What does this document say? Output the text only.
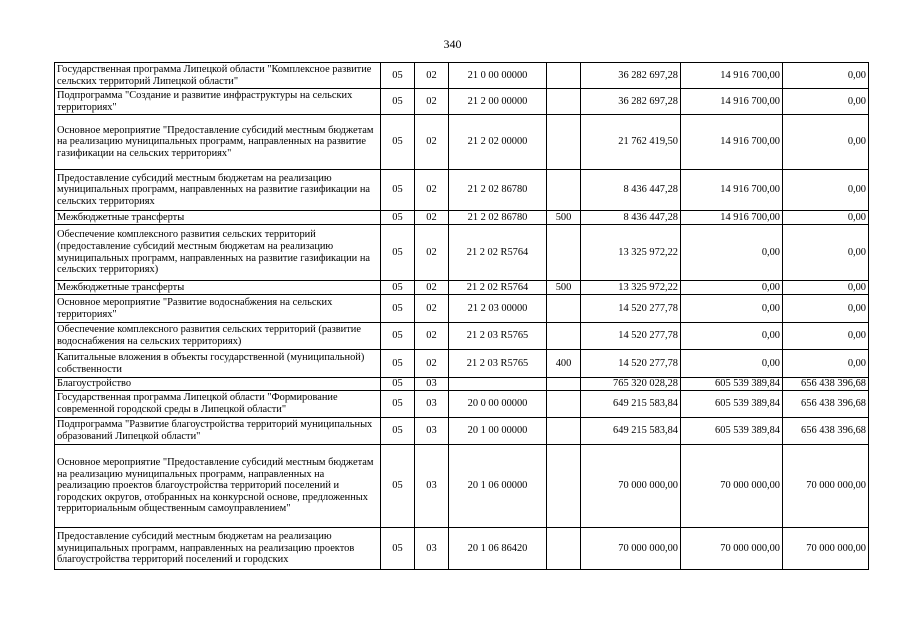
340
Государственная программа Липецкой области "Комплексное развитие сельских территорий Липецкой области"	05	02	21 0 00 00000		36 282 697,28	14 916 700,00	0,00
Подпрограмма "Создание и развитие инфраструктуры на сельских территориях"	05	02	21 2 00 00000		36 282 697,28	14 916 700,00	0,00
Основное мероприятие "Предоставление субсидий местным бюджетам на реализацию муниципальных программ, направленных на развитие газификации на сельских территориях"	05	02	21 2 02 00000		21 762 419,50	14 916 700,00	0,00
Предоставление субсидий местным бюджетам на реализацию муниципальных программ, направленных на развитие газификации на сельских территориях	05	02	21 2 02 86780		8 436 447,28	14 916 700,00	0,00
Межбюджетные трансферты	05	02	21 2 02 86780	500	8 436 447,28	14 916 700,00	0,00
Обеспечение комплексного развития сельских территорий (предоставление субсидий местным бюджетам на реализацию муниципальных программ, направленных на развитие газификации на сельских территориях)	05	02	21 2 02 R5764		13 325 972,22	0,00	0,00
Межбюджетные трансферты	05	02	21 2 02 R5764	500	13 325 972,22	0,00	0,00
Основное мероприятие "Развитие водоснабжения на сельских территориях"	05	02	21 2 03 00000		14 520 277,78	0,00	0,00
Обеспечение комплексного развития сельских территорий (развитие водоснабжения на сельских территориях)	05	02	21 2 03 R5765		14 520 277,78	0,00	0,00
Капитальные вложения в объекты государственной (муниципальной) собственности	05	02	21 2 03 R5765	400	14 520 277,78	0,00	0,00
Благоустройство	05	03			765 320 028,28	605 539 389,84	656 438 396,68
Государственная программа Липецкой области "Формирование современной городской среды в Липецкой области"	05	03	20 0 00 00000		649 215 583,84	605 539 389,84	656 438 396,68
Подпрограмма "Развитие благоустройства территорий муниципальных образований Липецкой области"	05	03	20 1 00 00000		649 215 583,84	605 539 389,84	656 438 396,68
Основное мероприятие "Предоставление субсидий местным бюджетам на реализацию муниципальных программ, направленных на реализацию проектов благоустройства территорий поселений и городских округов, отобранных на конкурсной основе, предложенных территориальным общественным самоуправлением"	05	03	20 1 06 00000		70 000 000,00	70 000 000,00	70 000 000,00
Предоставление субсидий местным бюджетам на реализацию муниципальных программ, направленных на реализацию проектов благоустройства территорий поселений и городских	05	03	20 1 06 86420		70 000 000,00	70 000 000,00	70 000 000,00
